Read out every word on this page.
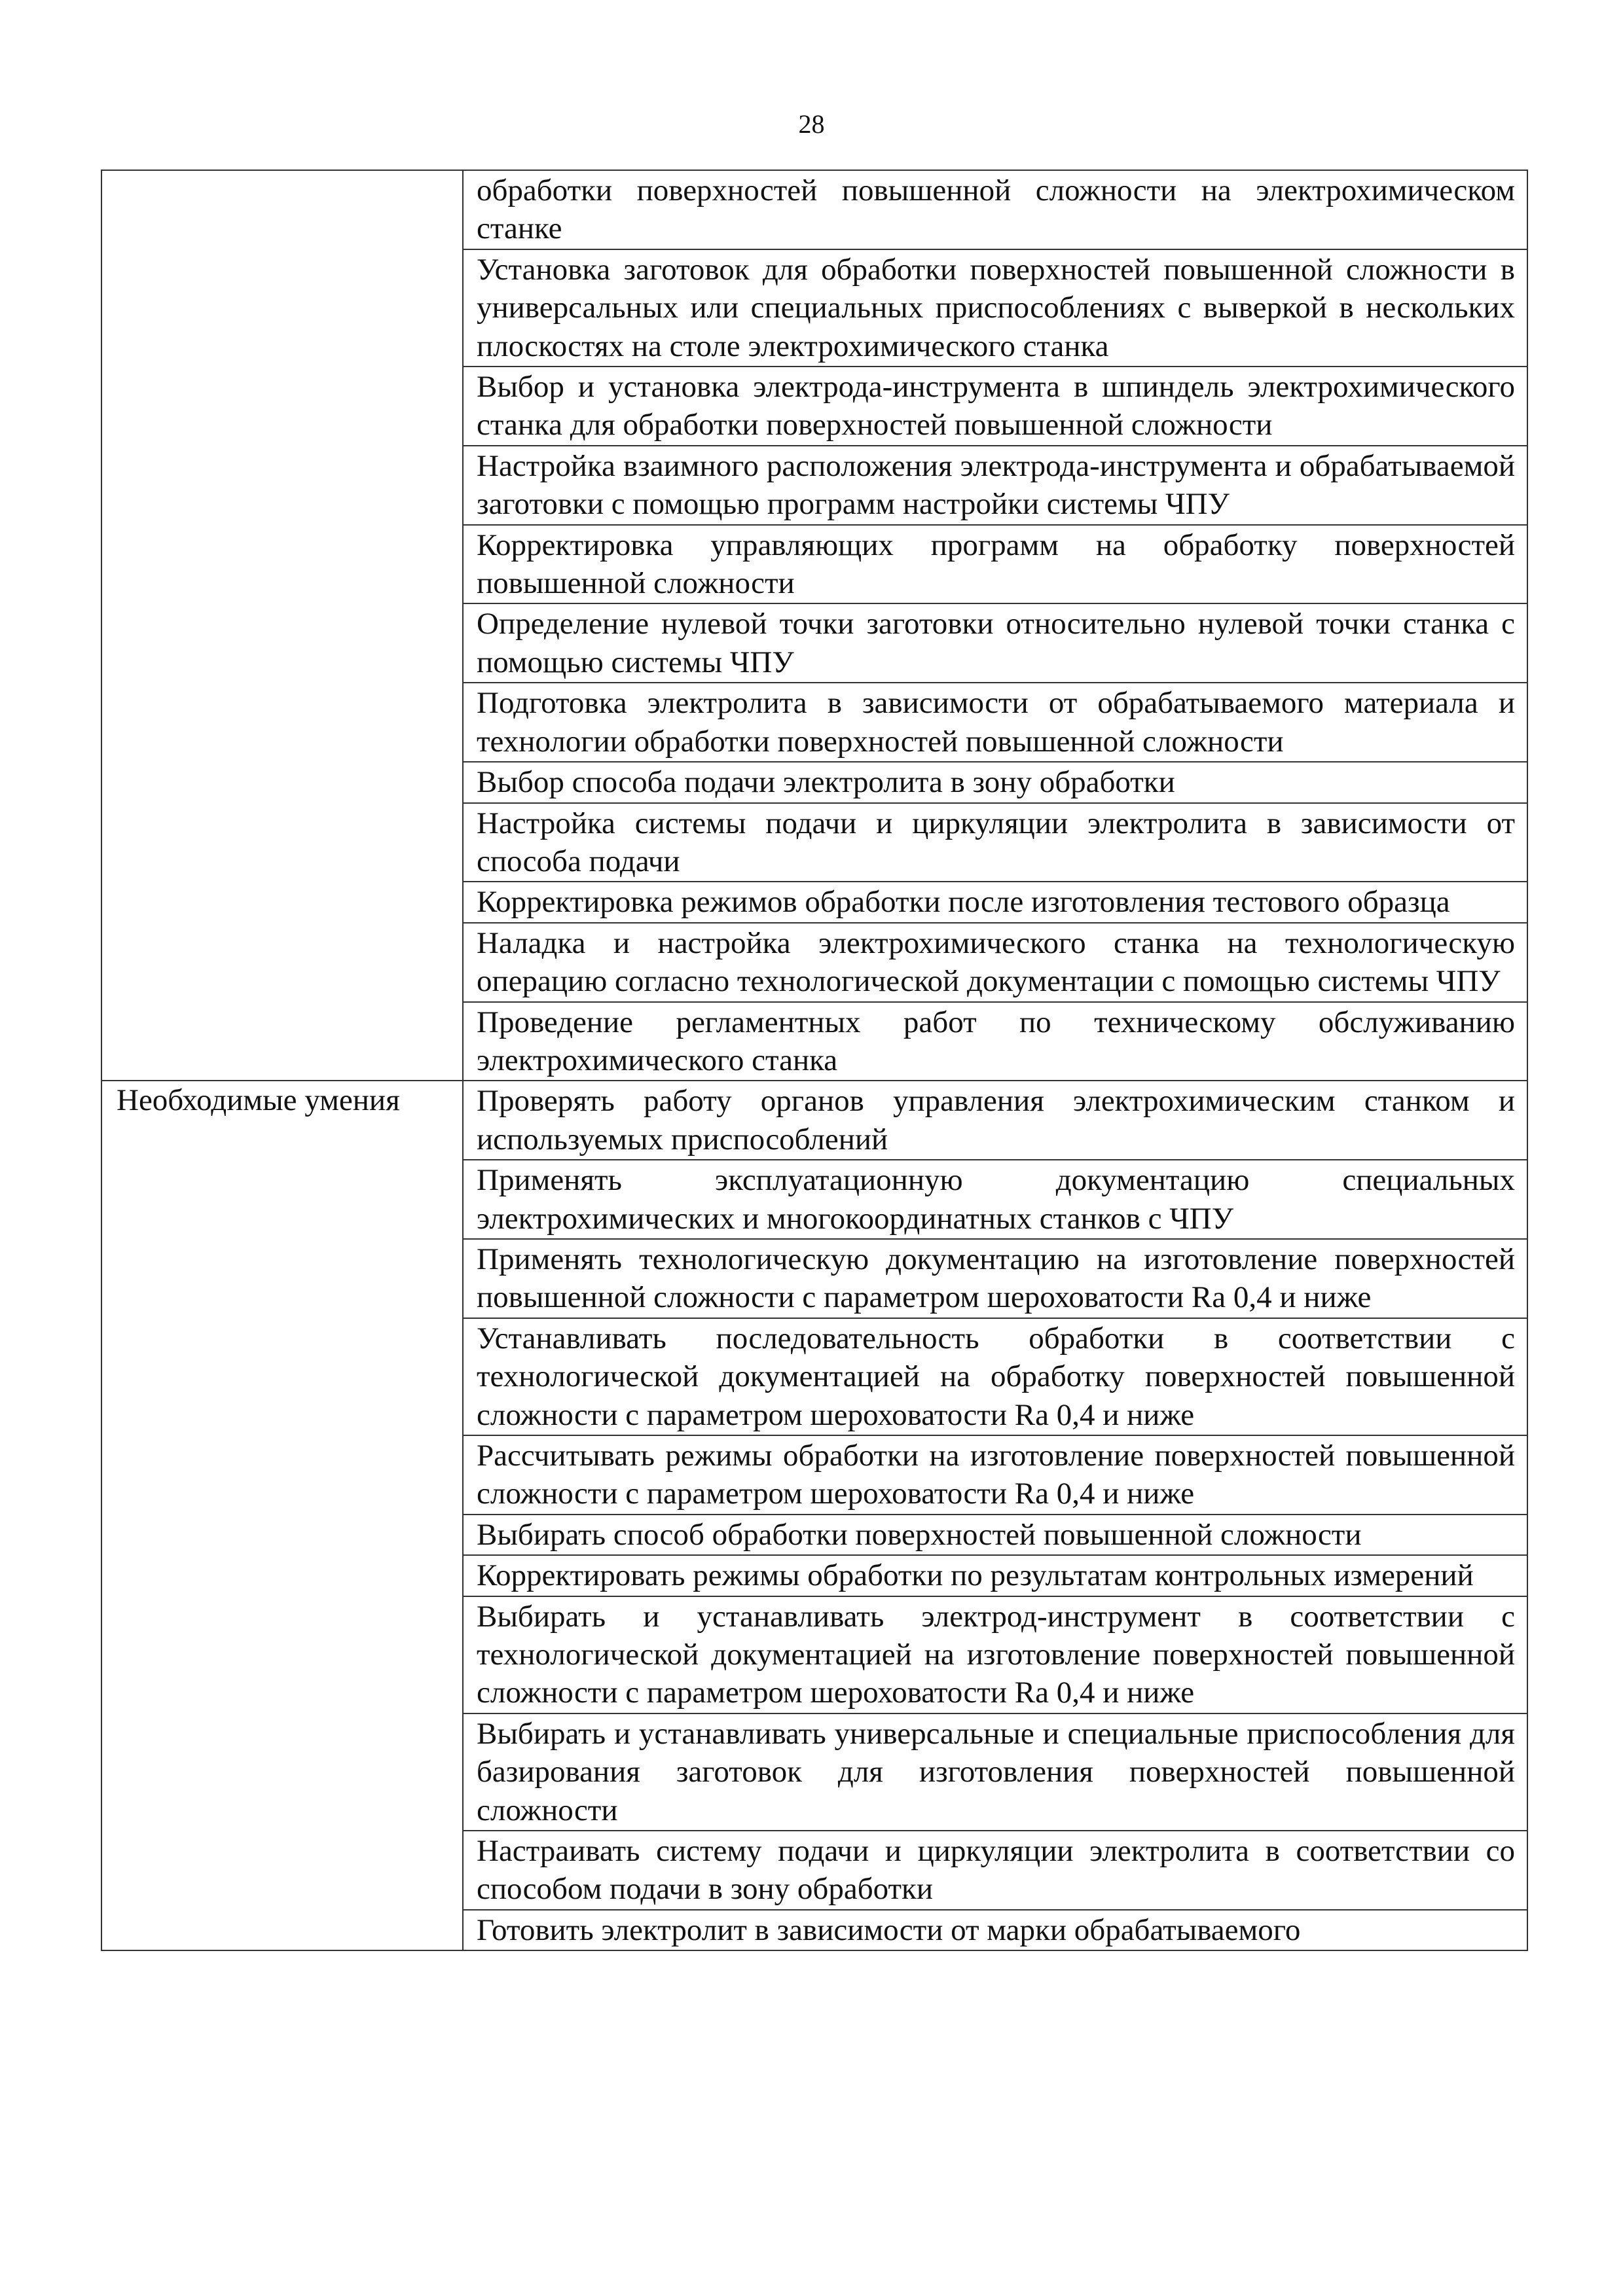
28
	обработки поверхностей повышенной сложности на электрохимическом станке
	Установка заготовок для обработки поверхностей повышенной сложности в универсальных или специальных приспособлениях с выверкой в нескольких плоскостях на столе электрохимического станка
	Выбор и установка электрода-инструмента в шпиндель электрохимического станка для обработки поверхностей повышенной сложности
	Настройка взаимного расположения электрода-инструмента и обрабатываемой заготовки с помощью программ настройки системы ЧПУ
	Корректировка управляющих программ на обработку поверхностей повышенной сложности
	Определение нулевой точки заготовки относительно нулевой точки станка с помощью системы ЧПУ
	Подготовка электролита в зависимости от обрабатываемого материала и технологии обработки поверхностей повышенной сложности
	Выбор способа подачи электролита в зону обработки
	Настройка системы подачи и циркуляции электролита в зависимости от способа подачи
	Корректировка режимов обработки после изготовления тестового образца
	Наладка и настройка электрохимического станка на технологическую операцию согласно технологической документации с помощью системы ЧПУ
	Проведение регламентных работ по техническому обслуживанию электрохимического станка
Необходимые умения	Проверять работу органов управления электрохимическим станком и используемых приспособлений
	Применять эксплуатационную документацию специальных электрохимических и многокоординатных станков с ЧПУ
	Применять технологическую документацию на изготовление поверхностей повышенной сложности с параметром шероховатости Ra 0,4 и ниже
	Устанавливать последовательность обработки в соответствии с технологической документацией на обработку поверхностей повышенной сложности с параметром шероховатости Ra 0,4 и ниже
	Рассчитывать режимы обработки на изготовление поверхностей повышенной сложности с параметром шероховатости Ra 0,4 и ниже
	Выбирать способ обработки поверхностей повышенной сложности
	Корректировать режимы обработки по результатам контрольных измерений
	Выбирать и устанавливать электрод-инструмент в соответствии с технологической документацией на изготовление поверхностей повышенной сложности с параметром шероховатости Ra 0,4 и ниже
	Выбирать и устанавливать универсальные и специальные приспособления для базирования заготовок для изготовления поверхностей повышенной сложности
	Настраивать систему подачи и циркуляции электролита в соответствии со способом подачи в зону обработки
	Готовить электролит в зависимости от марки обрабатываемого
